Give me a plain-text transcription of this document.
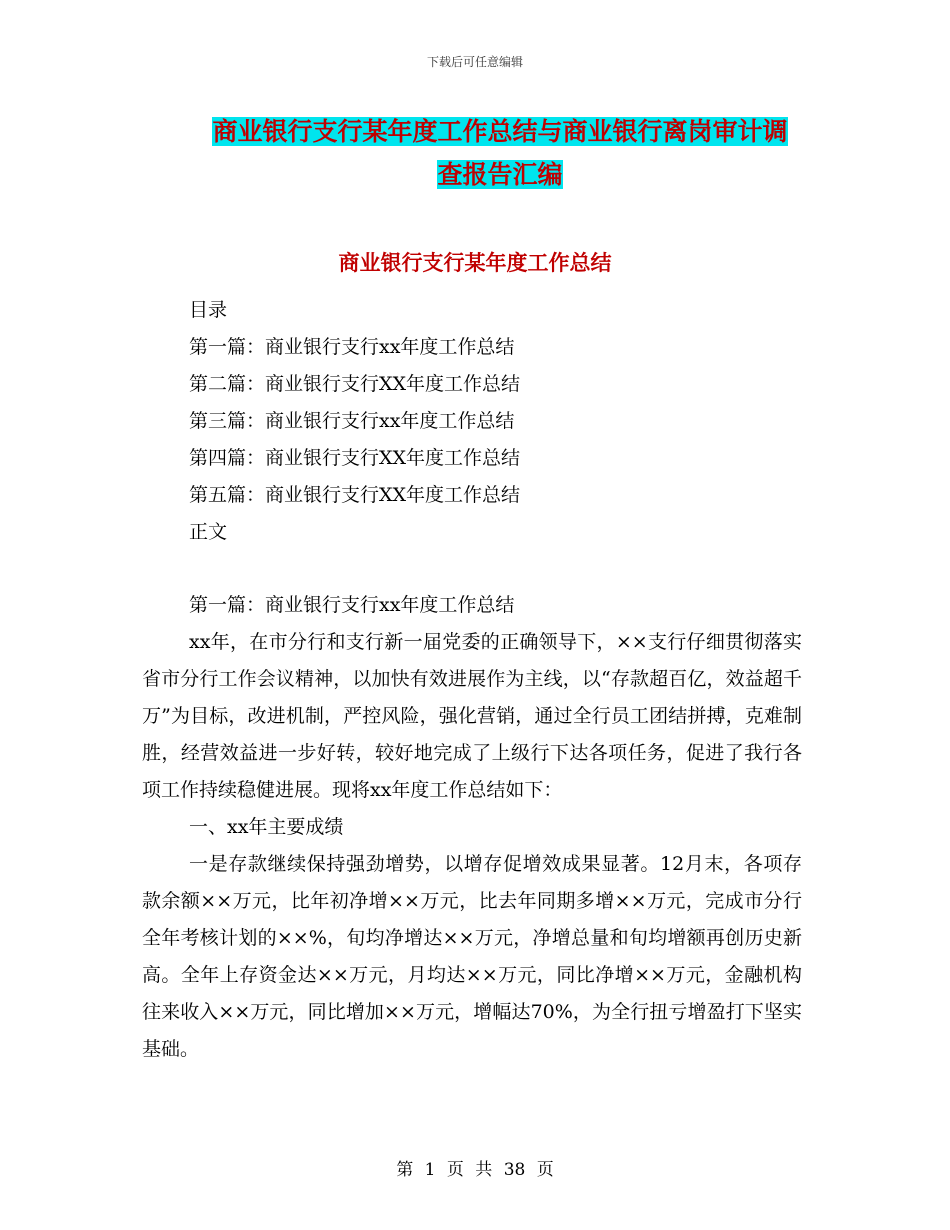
下载后可任意编辑
商业银行支行某年度工作总结与商业银行离岗审计调
查报告汇编
商业银行支行某年度工作总结
目录
第一篇：商业银行支行xx年度工作总结
第二篇：商业银行支行XX年度工作总结
第三篇：商业银行支行xx年度工作总结
第四篇：商业银行支行XX年度工作总结
第五篇：商业银行支行XX年度工作总结
正文

第一篇：商业银行支行xx年度工作总结

xx年，在市分行和支行新一届党委的正确领导下，××支行仔细贯彻落实省市分行工作会议精神，以加快有效进展作为主线，以“存款超百亿，效益超千万”为目标，改进机制，严控风险，强化营销，通过全行员工团结拼搏，克难制胜，经营效益进一步好转，较好地完成了上级行下达各项任务，促进了我行各项工作持续稳健进展。现将xx年度工作总结如下：

一、xx年主要成绩

一是存款继续保持强劲增势，以增存促增效成果显著。12月末，各项存款余额××万元，比年初净增××万元，比去年同期多增××万元，完成市分行全年考核计划的××%，旬均净增达××万元，净增总量和旬均增额再创历史新高。全年上存资金达××万元，月均达××万元，同比净增××万元，金融机构往来收入××万元，同比增加××万元，增幅达70%，为全行扭亏增盈打下坚实基础。

第 1 页 共 38 页
